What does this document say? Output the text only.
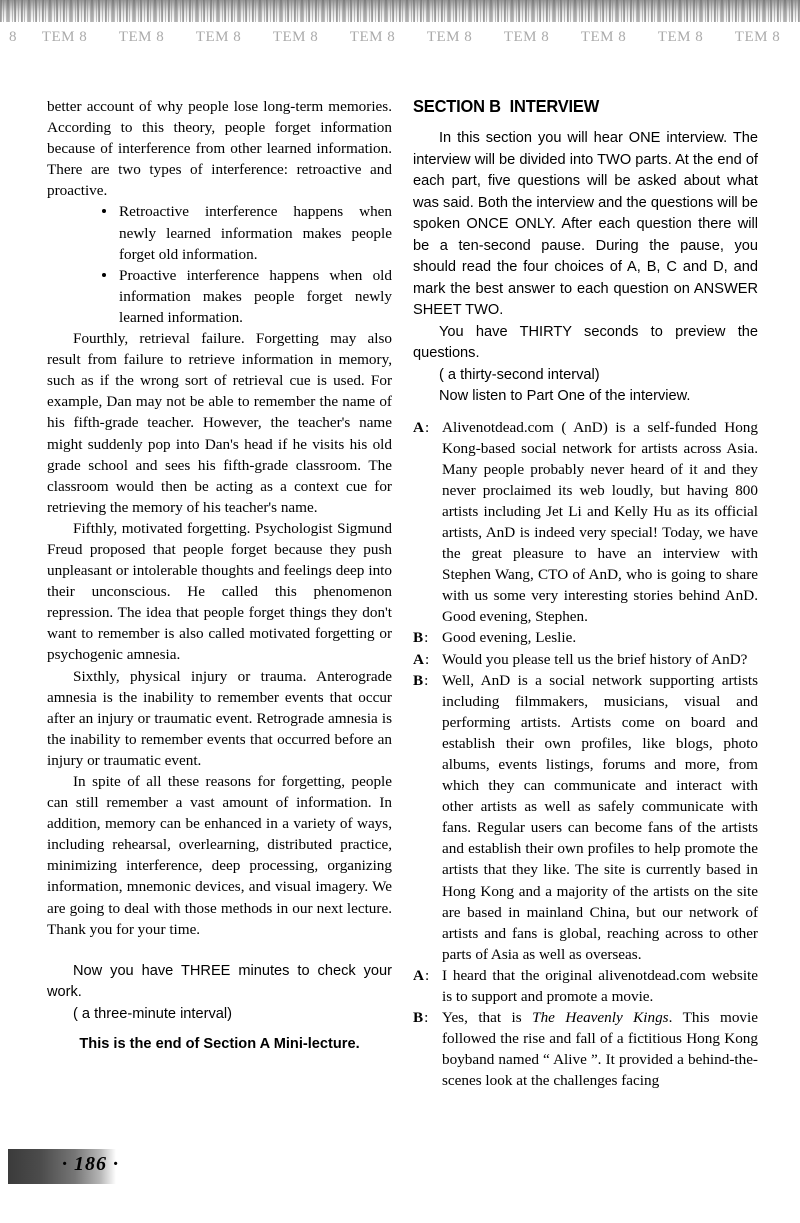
8	TEM 8	TEM 8	TEM 8	TEM 8	TEM 8	TEM 8	TEM 8	TEM 8	TEM 8	TEM 8

better account of why people lose long-term memories. According to this theory, people forget information because of interference from other learned information. There are two types of interference: retroactive and proactive.

Retroactive interference happens when newly learned information makes people forget old information.
Proactive interference happens when old information makes people forget newly learned information.

Fourthly, retrieval failure. Forgetting may also result from failure to retrieve information in memory, such as if the wrong sort of retrieval cue is used. For example, Dan may not be able to remember the name of his fifth-grade teacher. However, the teacher's name might suddenly pop into Dan's head if he visits his old grade school and sees his fifth-grade classroom. The classroom would then be acting as a context cue for retrieving the memory of his teacher's name.

Fifthly, motivated forgetting. Psychologist Sigmund Freud proposed that people forget because they push unpleasant or intolerable thoughts and feelings deep into their unconscious. He called this phenomenon repression. The idea that people forget things they don't want to remember is also called motivated forgetting or psychogenic amnesia.

Sixthly, physical injury or trauma. Anterograde amnesia is the inability to remember events that occur after an injury or traumatic event. Retrograde amnesia is the inability to remember events that occurred before an injury or traumatic event.

In spite of all these reasons for forgetting, people can still remember a vast amount of information. In addition, memory can be enhanced in a variety of ways, including rehearsal, overlearning, distributed practice, minimizing interference, deep processing, organizing information, mnemonic devices, and visual imagery. We are going to deal with those methods in our next lecture. Thank you for your time.

Now you have THREE minutes to check your work.

( a three-minute interval)

This is the end of Section A Mini-lecture.

SECTION B  INTERVIEW

In this section you will hear ONE interview. The interview will be divided into TWO parts. At the end of each part, five questions will be asked about what was said. Both the interview and the questions will be spoken ONCE ONLY. After each question there will be a ten-second pause. During the pause, you should read the four choices of A, B, C and D, and mark the best answer to each question on ANSWER SHEET TWO.

You have THIRTY seconds to preview the questions.

( a thirty-second interval)

Now listen to Part One of the interview.

A: Alivenotdead.com ( AnD) is a self-funded Hong Kong-based social network for artists across Asia. Many people probably never heard of it and they never proclaimed its web loudly, but having 800 artists including Jet Li and Kelly Hu as its official artists, AnD is indeed very special! Today, we have the great pleasure to have an interview with Stephen Wang, CTO of AnD, who is going to share with us some very interesting stories behind AnD. Good evening, Stephen.
B: Good evening, Leslie.
A: Would you please tell us the brief history of AnD?
B: Well, AnD is a social network supporting artists including filmmakers, musicians, visual and performing artists. Artists come on board and establish their own profiles, like blogs, photo albums, events listings, forums and more, from which they can communicate and interact with other artists as well as safely communicate with fans. Regular users can become fans of the artists and establish their own profiles to help promote the artists that they like. The site is currently based in Hong Kong and a majority of the artists on the site are based in mainland China, but our network of artists and fans is global, reaching across to other parts of Asia as well as overseas.
A: I heard that the original alivenotdead.com website is to support and promote a movie.
B: Yes, that is The Heavenly Kings. This movie followed the rise and fall of a fictitious Hong Kong boyband named “ Alive ”. It provided a behind-the-scenes look at the challenges facing
· 186 ·
